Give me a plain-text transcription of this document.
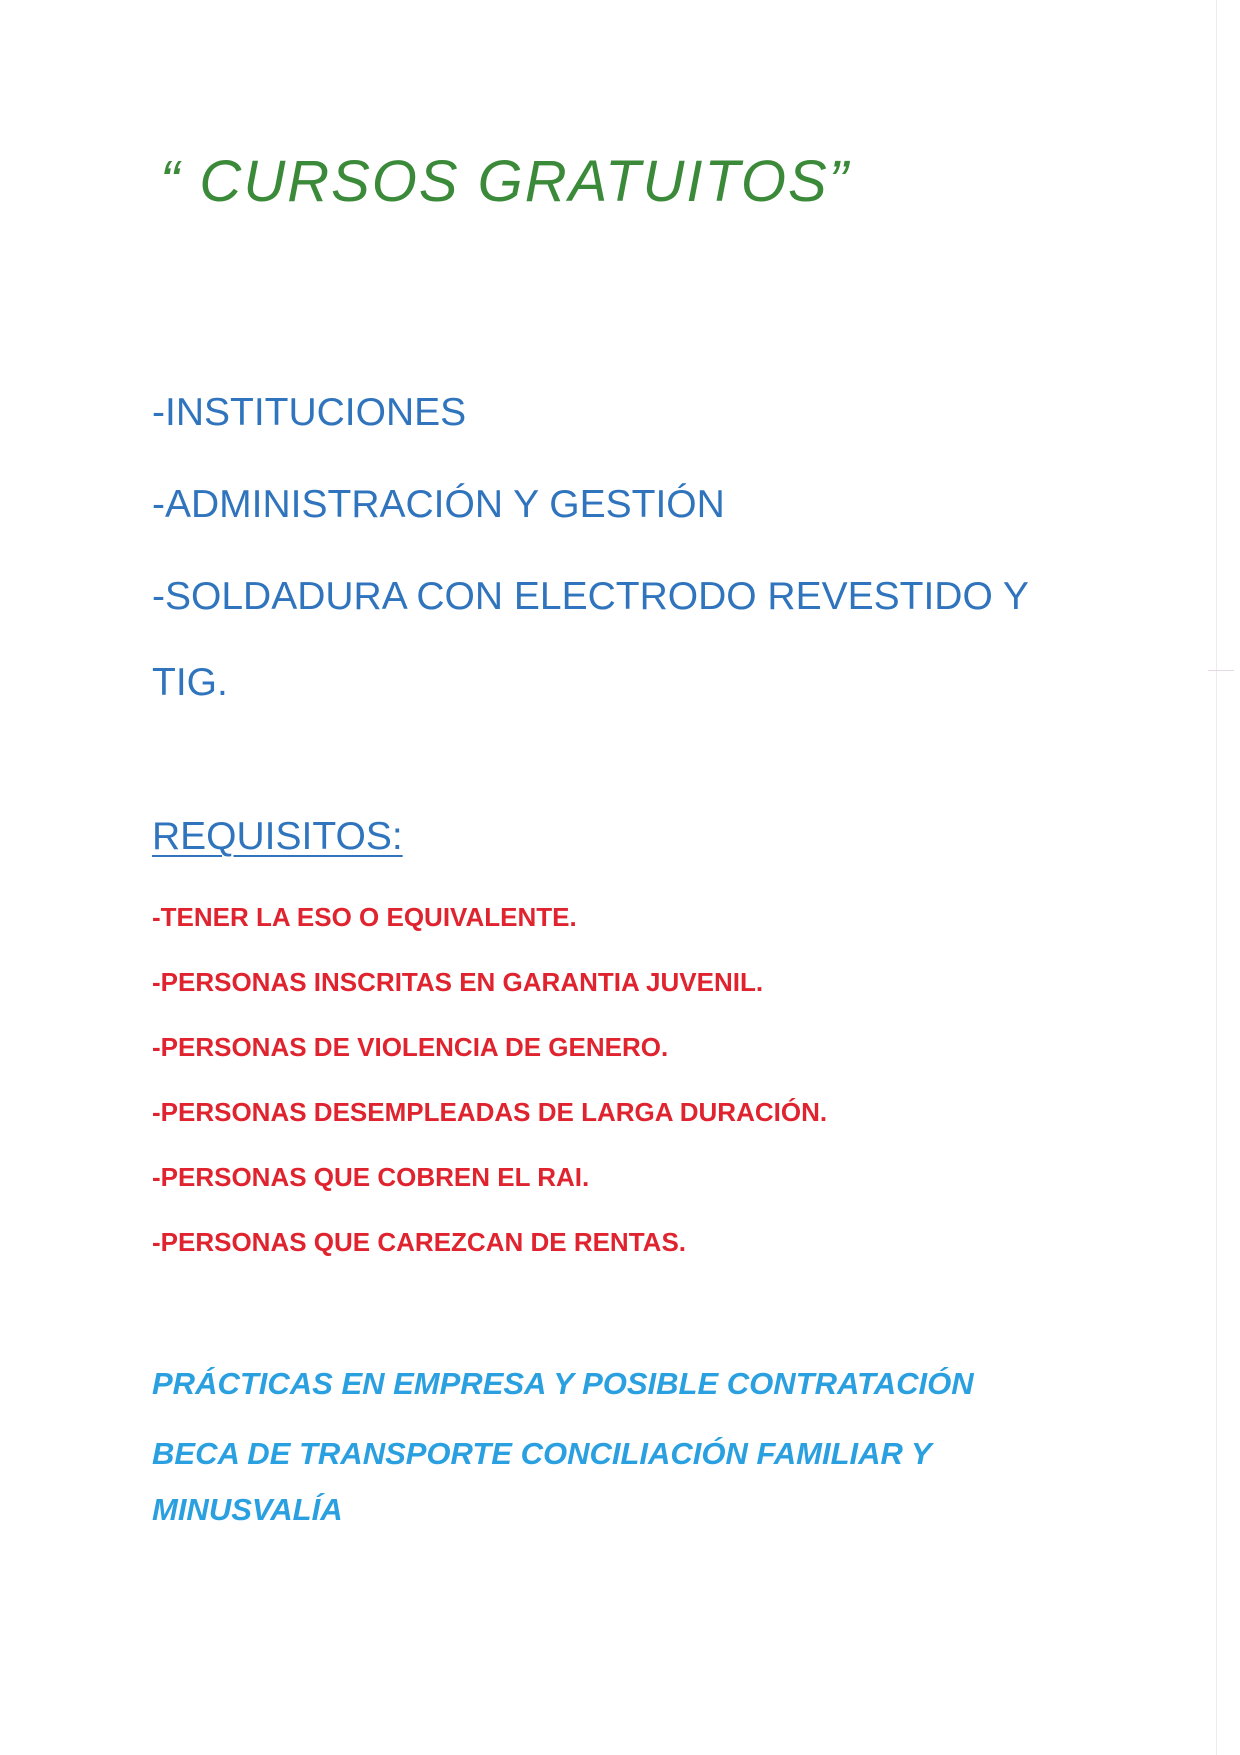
“ CURSOS GRATUITOS”
-INSTITUCIONES
-ADMINISTRACIÓN Y GESTIÓN
-SOLDADURA CON ELECTRODO REVESTIDO Y TIG.
REQUISITOS:
-TENER LA ESO O EQUIVALENTE.
-PERSONAS INSCRITAS EN GARANTIA JUVENIL.
-PERSONAS DE VIOLENCIA DE GENERO.
-PERSONAS DESEMPLEADAS DE LARGA DURACIÓN.
-PERSONAS QUE COBREN EL RAI.
-PERSONAS QUE CAREZCAN DE RENTAS.
PRÁCTICAS EN EMPRESA Y POSIBLE CONTRATACIÓN
BECA DE TRANSPORTE CONCILIACIÓN FAMILIAR Y MINUSVALÍA
